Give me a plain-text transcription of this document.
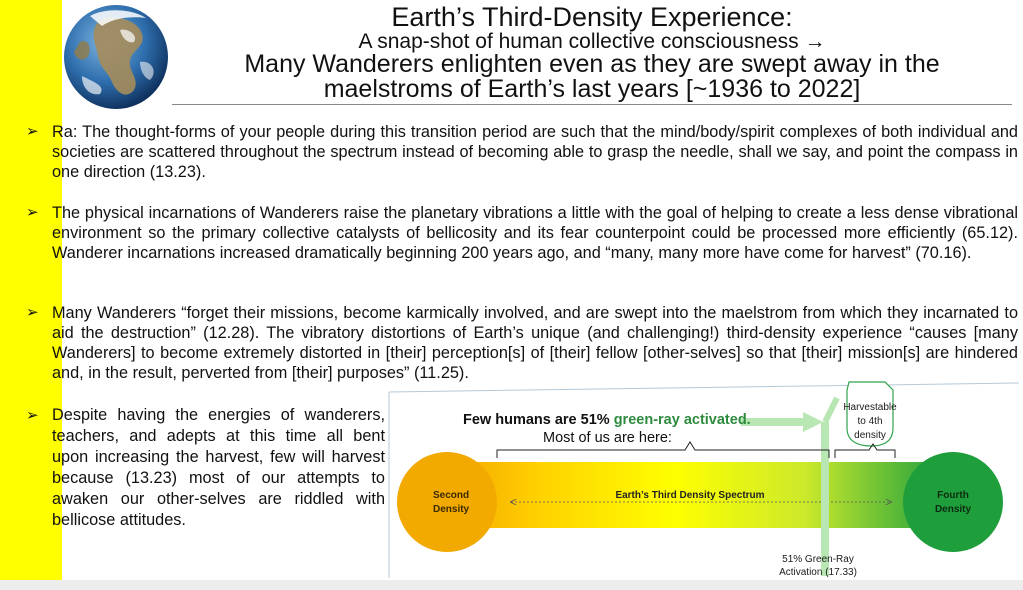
Earth’s Third-Density Experience:
A snap-shot of human collective consciousness →
Many Wanderers enlighten even as they are swept away in the
maelstroms of Earth’s last years [~1936 to 2022]
➢ Ra: The thought-forms of your people during this transition period are such that the mind/body/spirit complexes of both individual and societies are scattered throughout the spectrum instead of becoming able to grasp the needle, shall we say, and point the compass in one direction (13.23).
➢ The physical incarnations of Wanderers raise the planetary vibrations a little with the goal of helping to create a less dense vibrational environment so the primary collective catalysts of bellicosity and its fear counterpoint could be processed more efficiently (65.12). Wanderer incarnations increased dramatically beginning 200 years ago, and “many, many more have come for harvest” (70.16).
➢ Many Wanderers “forget their missions, become karmically involved, and are swept into the maelstrom from which they incarnated to aid the destruction” (12.28). The vibratory distortions of Earth’s unique (and challenging!) third-density experience “causes [many Wanderers] to become extremely distorted in [their] perception[s] of [their] fellow [other-selves] so that [their] mission[s] are hindered and, in the result, perverted from [their] purposes” (11.25).
➢ Despite having the energies of wanderers, teachers, and adepts at this time all bent upon increasing the harvest, few will harvest because (13.23) most of our attempts to awaken our other-selves are riddled with bellicose attitudes.
Few humans are 51% green-ray activated.
Most of us are here:
Second
Density
Fourth
Density
Earth’s Third Density Spectrum
Harvestable
to 4th
density
51% Green-Ray
Activation (17.33)
